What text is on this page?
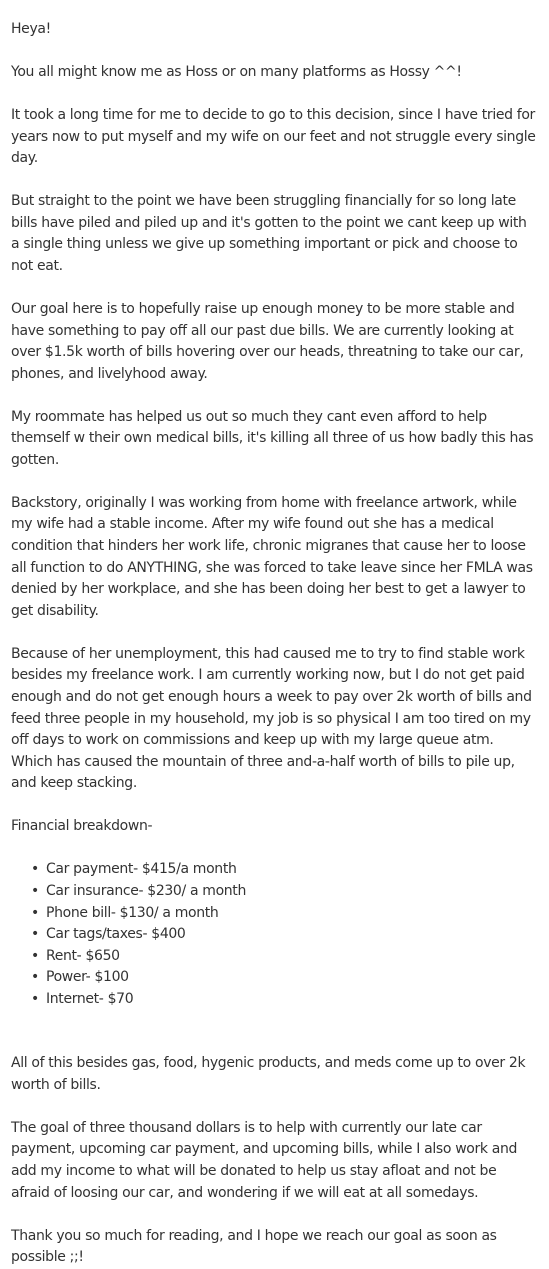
Heya!

You all might know me as Hoss or on many platforms as Hossy ^^!

It took a long time for me to decide to go to this decision, since I have tried for years now to put myself and my wife on our feet and not struggle every single day.

But straight to the point we have been struggling financially for so long late bills have piled and piled up and it's gotten to the point we cant keep up with a single thing unless we give up something important or pick and choose to not eat.

Our goal here is to hopefully raise up enough money to be more stable and have something to pay off all our past due bills. We are currently looking at over $1.5k worth of bills hovering over our heads, threatning to take our car, phones, and livelyhood away.

My roommate has helped us out so much they cant even afford to help themself w their own medical bills, it's killing all three of us how badly this has gotten.

Backstory, originally I was working from home with freelance artwork, while my wife had a stable income. After my wife found out she has a medical condition that hinders her work life, chronic migranes that cause her to loose all function to do ANYTHING, she was forced to take leave since her FMLA was denied by her workplace, and she has been doing her best to get a lawyer to get disability.

Because of her unemployment, this had caused me to try to find stable work besides my freelance work. I am currently working now, but I do not get paid enough and do not get enough hours a week to pay over 2k worth of bills and feed three people in my household, my job is so physical I am too tired on my off days to work on commissions and keep up with my large queue atm. Which has caused the mountain of three and-a-half worth of bills to pile up, and keep stacking.

Financial breakdown-

• Car payment- $415/a month
• Car insurance- $230/ a month
• Phone bill- $130/ a month
• Car tags/taxes- $400
• Rent- $650
• Power- $100
• Internet- $70

All of this besides gas, food, hygenic products, and meds come up to over 2k worth of bills.

The goal of three thousand dollars is to help with currently our late car payment, upcoming car payment, and upcoming bills, while I also work and add my income to what will be donated to help us stay afloat and not be afraid of loosing our car, and wondering if we will eat at all somedays.

Thank you so much for reading, and I hope we reach our goal as soon as possible ;;!
